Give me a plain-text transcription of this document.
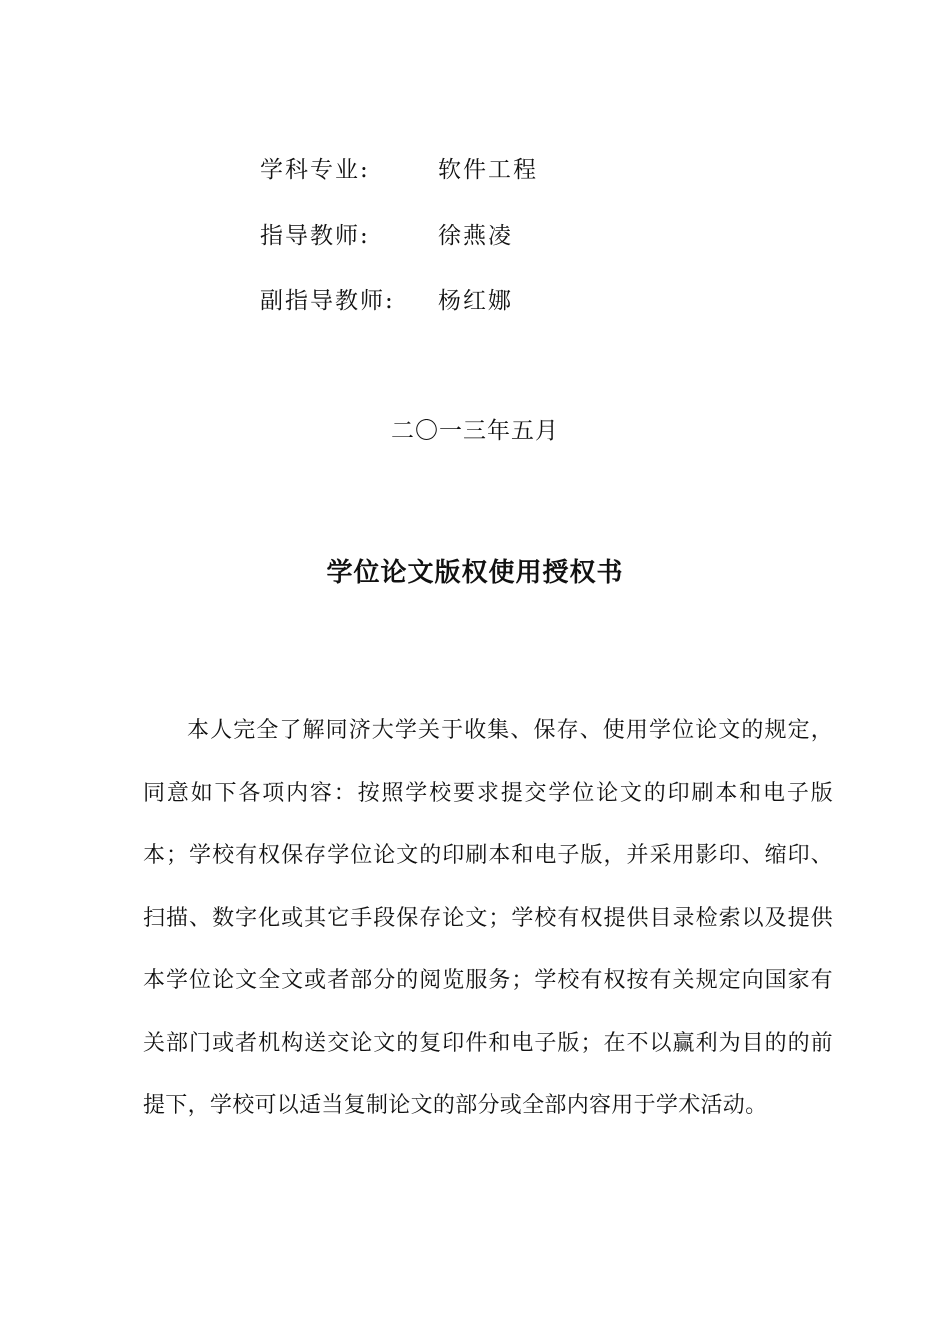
学科专业:	软件工程
指导教师:	徐燕凌
副指导教师: 杨红娜
二〇一三年五月
学位论文版权使用授权书

本人完全了解同济大学关于收集、保存、使用学位论文的规定，同意如下各项内容：按照学校要求提交学位论文的印刷本和电子版本；学校有权保存学位论文的印刷本和电子版，并采用影印、缩印、扫描、数字化或其它手段保存论文；学校有权提供目录检索以及提供本学位论文全文或者部分的阅览服务；学校有权按有关规定向国家有关部门或者机构送交论文的复印件和电子版；在不以赢利为目的的前提下，学校可以适当复制论文的部分或全部内容用于学术活动。
